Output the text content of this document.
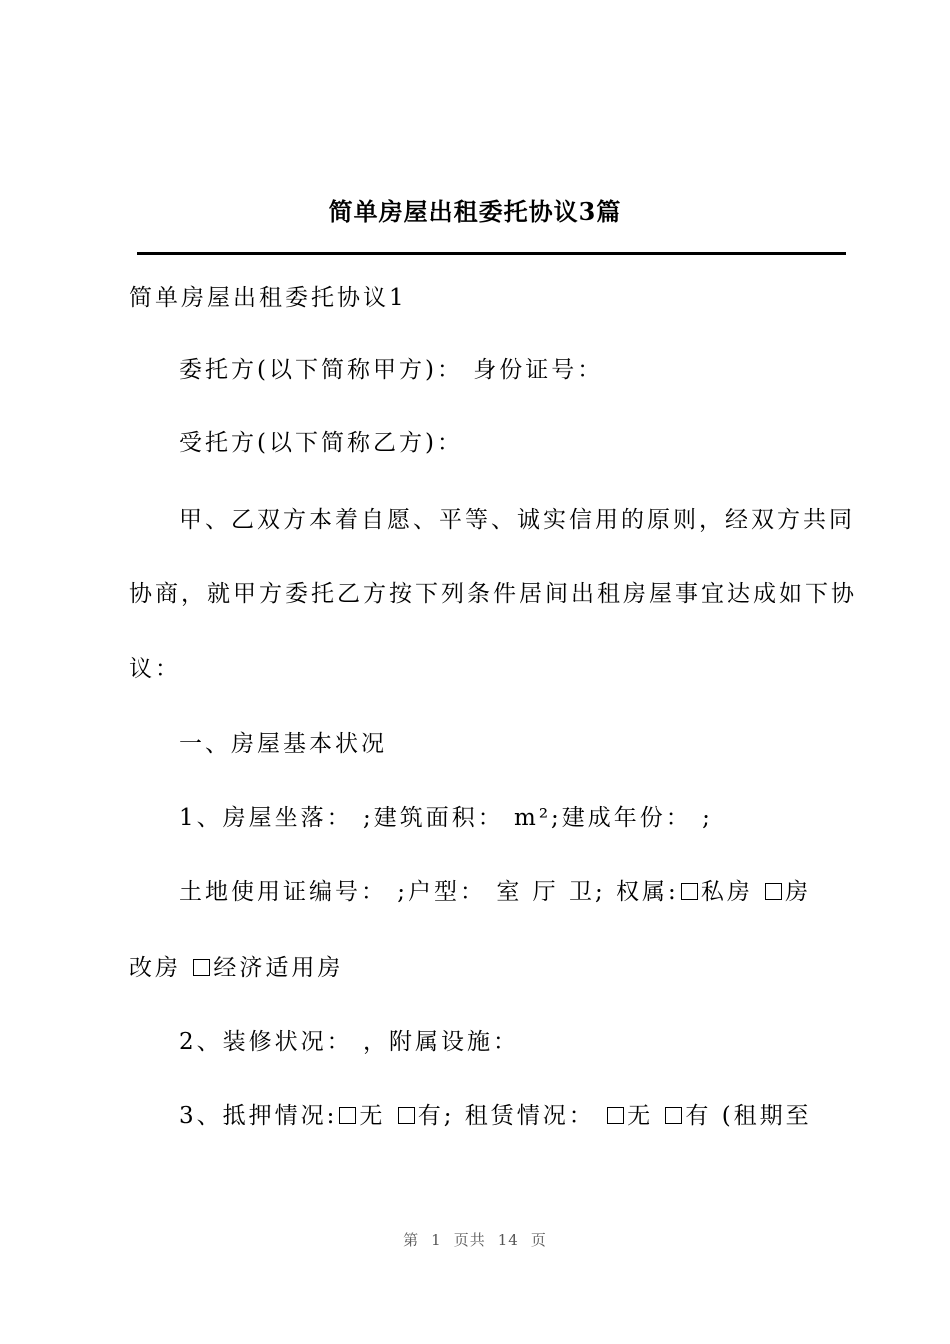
简单房屋出租委托协议3篇
简单房屋出租委托协议1
委托方(以下简称甲方)： 身份证号：
受托方(以下简称乙方)：
甲、乙双方本着自愿、平等、诚实信用的原则，经双方共同
协商，就甲方委托乙方按下列条件居间出租房屋事宜达成如下协
议：
一、房屋基本状况
1、房屋坐落： ;建筑面积： m²;建成年份： ;
土地使用证编号： ;户型： 室 厅 卫; 权属: 私房 房
改房 经济适用房
2、装修状况： ，附属设施：
3、抵押情况: 无 有; 租赁情况： 无 有 (租期至
第 1 页共 14 页
